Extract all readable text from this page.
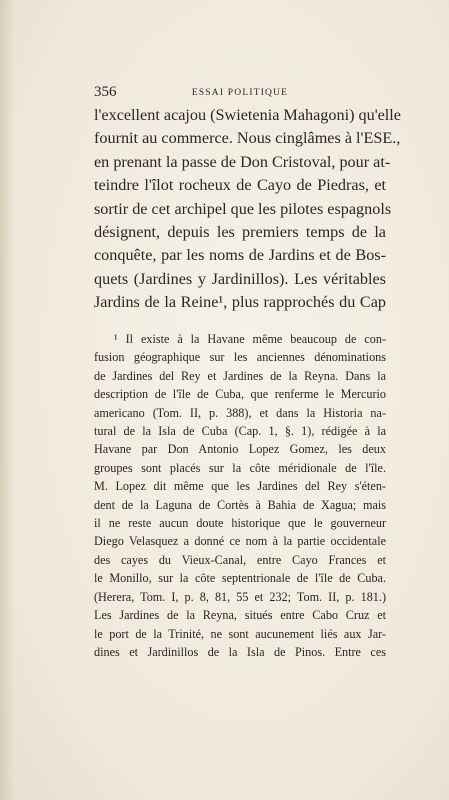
356	ESSAI POLITIQUE
l'excellent acajou (Swietenia Mahagoni) qu'elle
fournit au commerce. Nous cinglâmes à l'ESE.,
en prenant la passe de Don Cristoval, pour at-
teindre l'îlot rocheux de Cayo de Piedras, et
sortir de cet archipel que les pilotes espagnols
désignent, depuis les premiers temps de la
conquête, par les noms de Jardins et de Bos-
quets (Jardines y Jardinillos). Les véritables
Jardins de la Reine¹, plus rapprochés du Cap
¹ Il existe à la Havane même beaucoup de con-
fusion géographique sur les anciennes dénominations
de Jardines del Rey et Jardines de la Reyna. Dans la
description de l'île de Cuba, que renferme le Mercurio
americano (Tom. II, p. 388), et dans la Historia na-
tural de la Isla de Cuba (Cap. 1, §. 1), rédigée à la
Havane par Don Antonio Lopez Gomez, les deux
groupes sont placés sur la côte méridionale de l'île.
M. Lopez dit même que les Jardines del Rey s'éten-
dent de la Laguna de Cortès à Bahia de Xagua; mais
il ne reste aucun doute historique que le gouverneur
Diego Velasquez a donné ce nom à la partie occidentale
des cayes du Vieux-Canal, entre Cayo Frances et
le Monillo, sur la côte septentrionale de l'île de Cuba.
(Herera, Tom. I, p. 8, 81, 55 et 232; Tom. II, p. 181.)
Les Jardines de la Reyna, situés entre Cabo Cruz et
le port de la Trinité, ne sont aucunement liés aux Jar-
dines et Jardinillos de la Isla de Pinos. Entre ces
